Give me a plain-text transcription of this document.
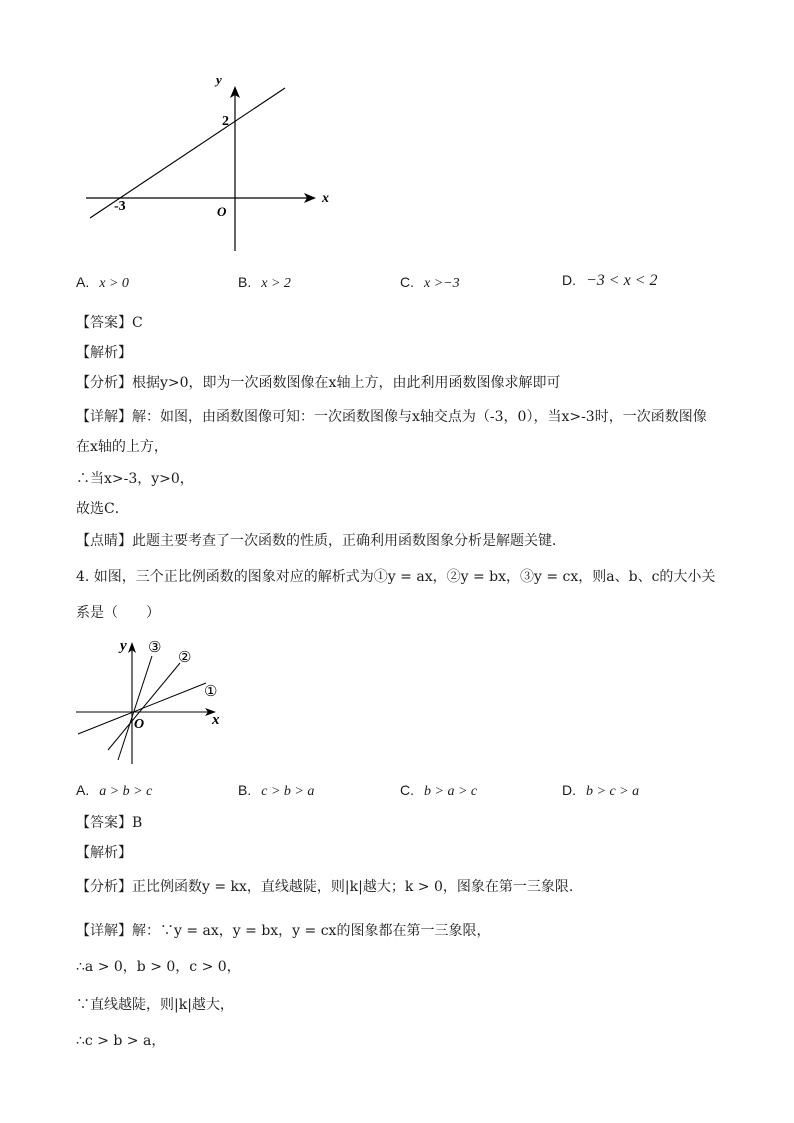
y
x
O
2
-3
A. x > 0	B. x > 2	C. x >−3	D. −3 < x < 2
【答案】C
【解析】
【分析】根据y>0，即为一次函数图像在x轴上方，由此利用函数图像求解即可
【详解】解：如图，由函数图像可知：一次函数图像与x轴交点为（-3，0），当x>-3时，一次函数图像
在x轴的上方，
∴当x>-3，y>0，
故选C．
【点睛】此题主要考查了一次函数的性质，正确利用函数图象分析是解题关键．
4. 如图，三个正比例函数的图象对应的解析式为①y = ax，②y = bx，③y = cx，则a、b、c的大小关
系是（　　）
y
x
O
①
②
③
A. a > b > c	B. c > b > a	C. b > a > c	D. b > c > a
【答案】B
【解析】
【分析】正比例函数y = kx，直线越陡，则|k|越大；k > 0，图象在第一三象限.
【详解】解：∵y = ax，y = bx，y = cx的图象都在第一三象限，
∴a > 0，b > 0，c > 0，
∵直线越陡，则|k|越大，
∴c > b > a，
